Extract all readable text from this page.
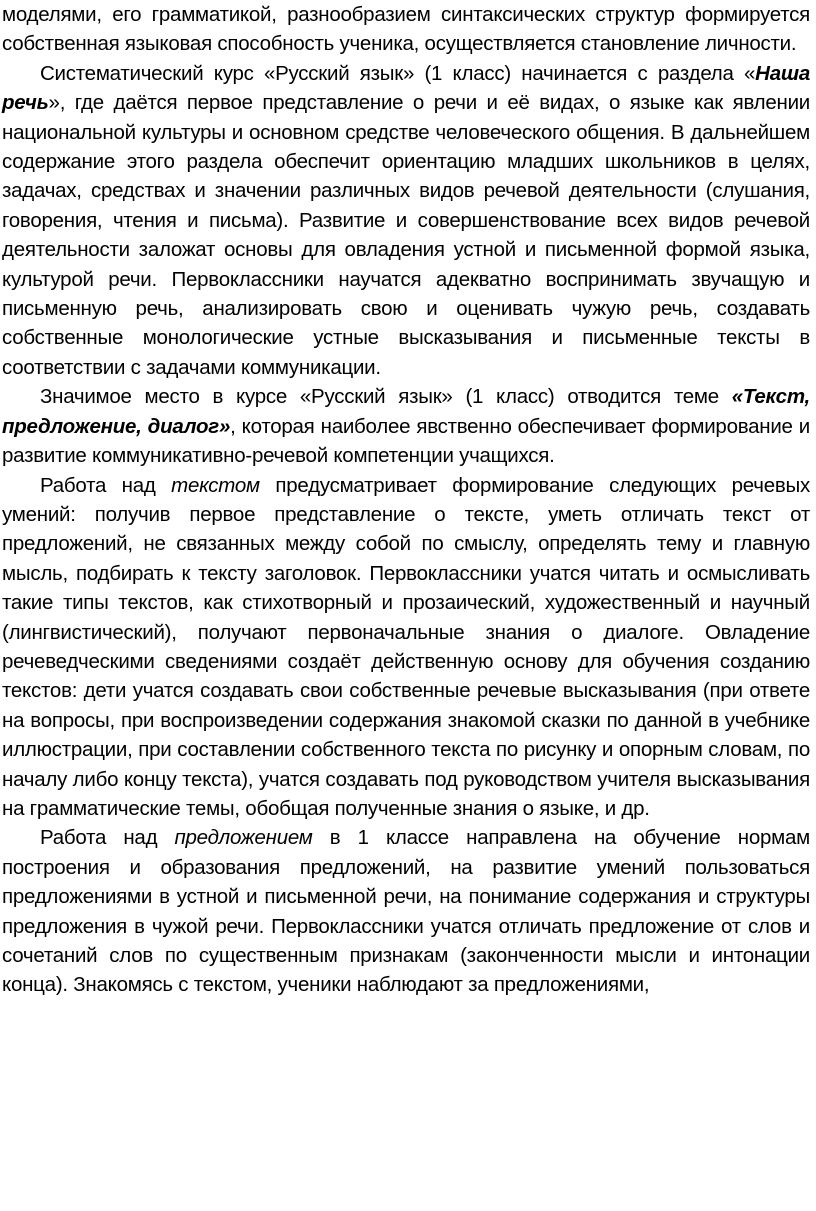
моделями, его грамматикой, разнообразием синтаксических структур формируется собственная языковая способность ученика, осуществляется становление личности.

Систематический курс «Русский язык» (1 класс) начинается с раздела «Наша речь», где даётся первое представление о речи и её видах, о языке как явлении национальной культуры и основном средстве человеческого общения. В дальнейшем содержание этого раздела обеспечит ориентацию младших школьников в целях, задачах, средствах и значении различных видов речевой деятельности (слушания, говорения, чтения и письма). Развитие и совершенствование всех видов речевой деятельности заложат основы для овладения устной и письменной формой языка, культурой речи. Первоклассники научатся адекватно воспринимать звучащую и письменную речь, анализировать свою и оценивать чужую речь, создавать собственные монологические устные высказывания и письменные тексты в соответствии с задачами коммуникации.

Значимое место в курсе «Русский язык» (1 класс) отводится теме «Текст, предложение, диалог», которая наиболее явственно обеспечивает формирование и развитие коммуникативно-речевой компетенции учащихся.

Работа над текстом предусматривает формирование следующих речевых умений: получив первое представление о тексте, уметь отличать текст от предложений, не связанных между собой по смыслу, определять тему и главную мысль, подбирать к тексту заголовок. Первоклассники учатся читать и осмысливать такие типы текстов, как стихотворный и прозаический, художественный и научный (лингвистический), получают первоначальные знания о диалоге. Овладение речеведческими сведениями создаёт действенную основу для обучения созданию текстов: дети учатся создавать свои собственные речевые высказывания (при ответе на вопросы, при воспроизведении содержания знакомой сказки по данной в учебнике иллюстрации, при составлении собственного текста по рисунку и опорным словам, по началу либо концу текста), учатся создавать под руководством учителя высказывания на грамматические темы, обобщая полученные знания о языке, и др.

Работа над предложением в 1 классе направлена на обучение нормам построения и образования предложений, на развитие умений пользоваться предложениями в устной и письменной речи, на понимание содержания и структуры предложения в чужой речи. Первоклассники учатся отличать предложение от слов и сочетаний слов по существенным признакам (законченности мысли и интонации конца). Знакомясь с текстом, ученики наблюдают за предложениями,
